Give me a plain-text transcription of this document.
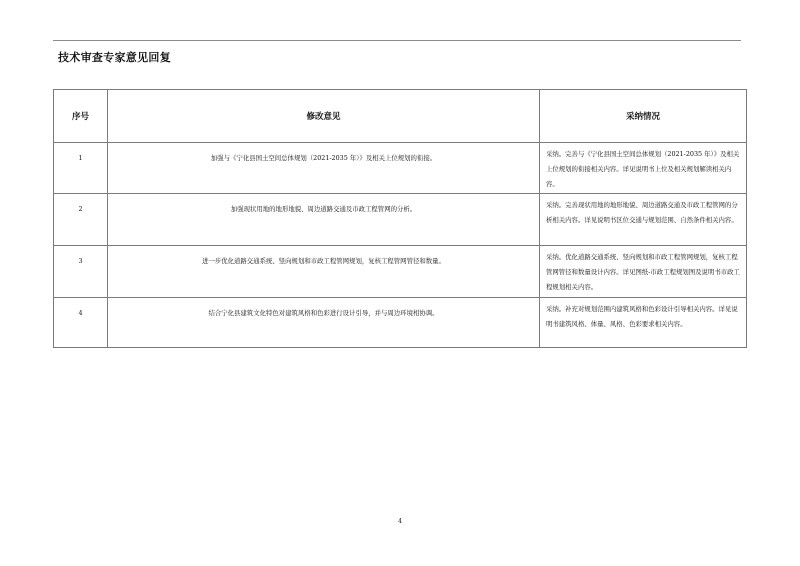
技术审查专家意见回复
序号	修改意见	采纳情况
1	加强与《宁化县国土空间总体规划（2021-2035 年）》及相关上位规划的衔接。	采纳。完善与《宁化县国土空间总体规划（2021-2035 年）》及相关上位规划的衔接相关内容。详见说明书上位及相关规划解读相关内容。
2	加强现状用地的地形地貌、周边道路交通及市政工程管网的分析。	采纳。完善现状用地的地形地貌、周边道路交通及市政工程管网的分析相关内容。详见说明书区位交通与规划范围、自然条件相关内容。
3	进一步优化道路交通系统、竖向规划和市政工程管网规划，复核工程管网管径和数量。	采纳。优化道路交通系统、竖向规划和市政工程管网规划，复核工程管网管径和数量设计内容。详见图纸-市政工程规划图及说明书市政工程规划相关内容。
4	结合宁化县建筑文化特色对建筑风格和色彩进行设计引导，并与周边环境相协调。	采纳。补充对规划范围内建筑风格和色彩设计引导相关内容。详见说明书建筑风格、体量、风格、色彩要求相关内容。
4
